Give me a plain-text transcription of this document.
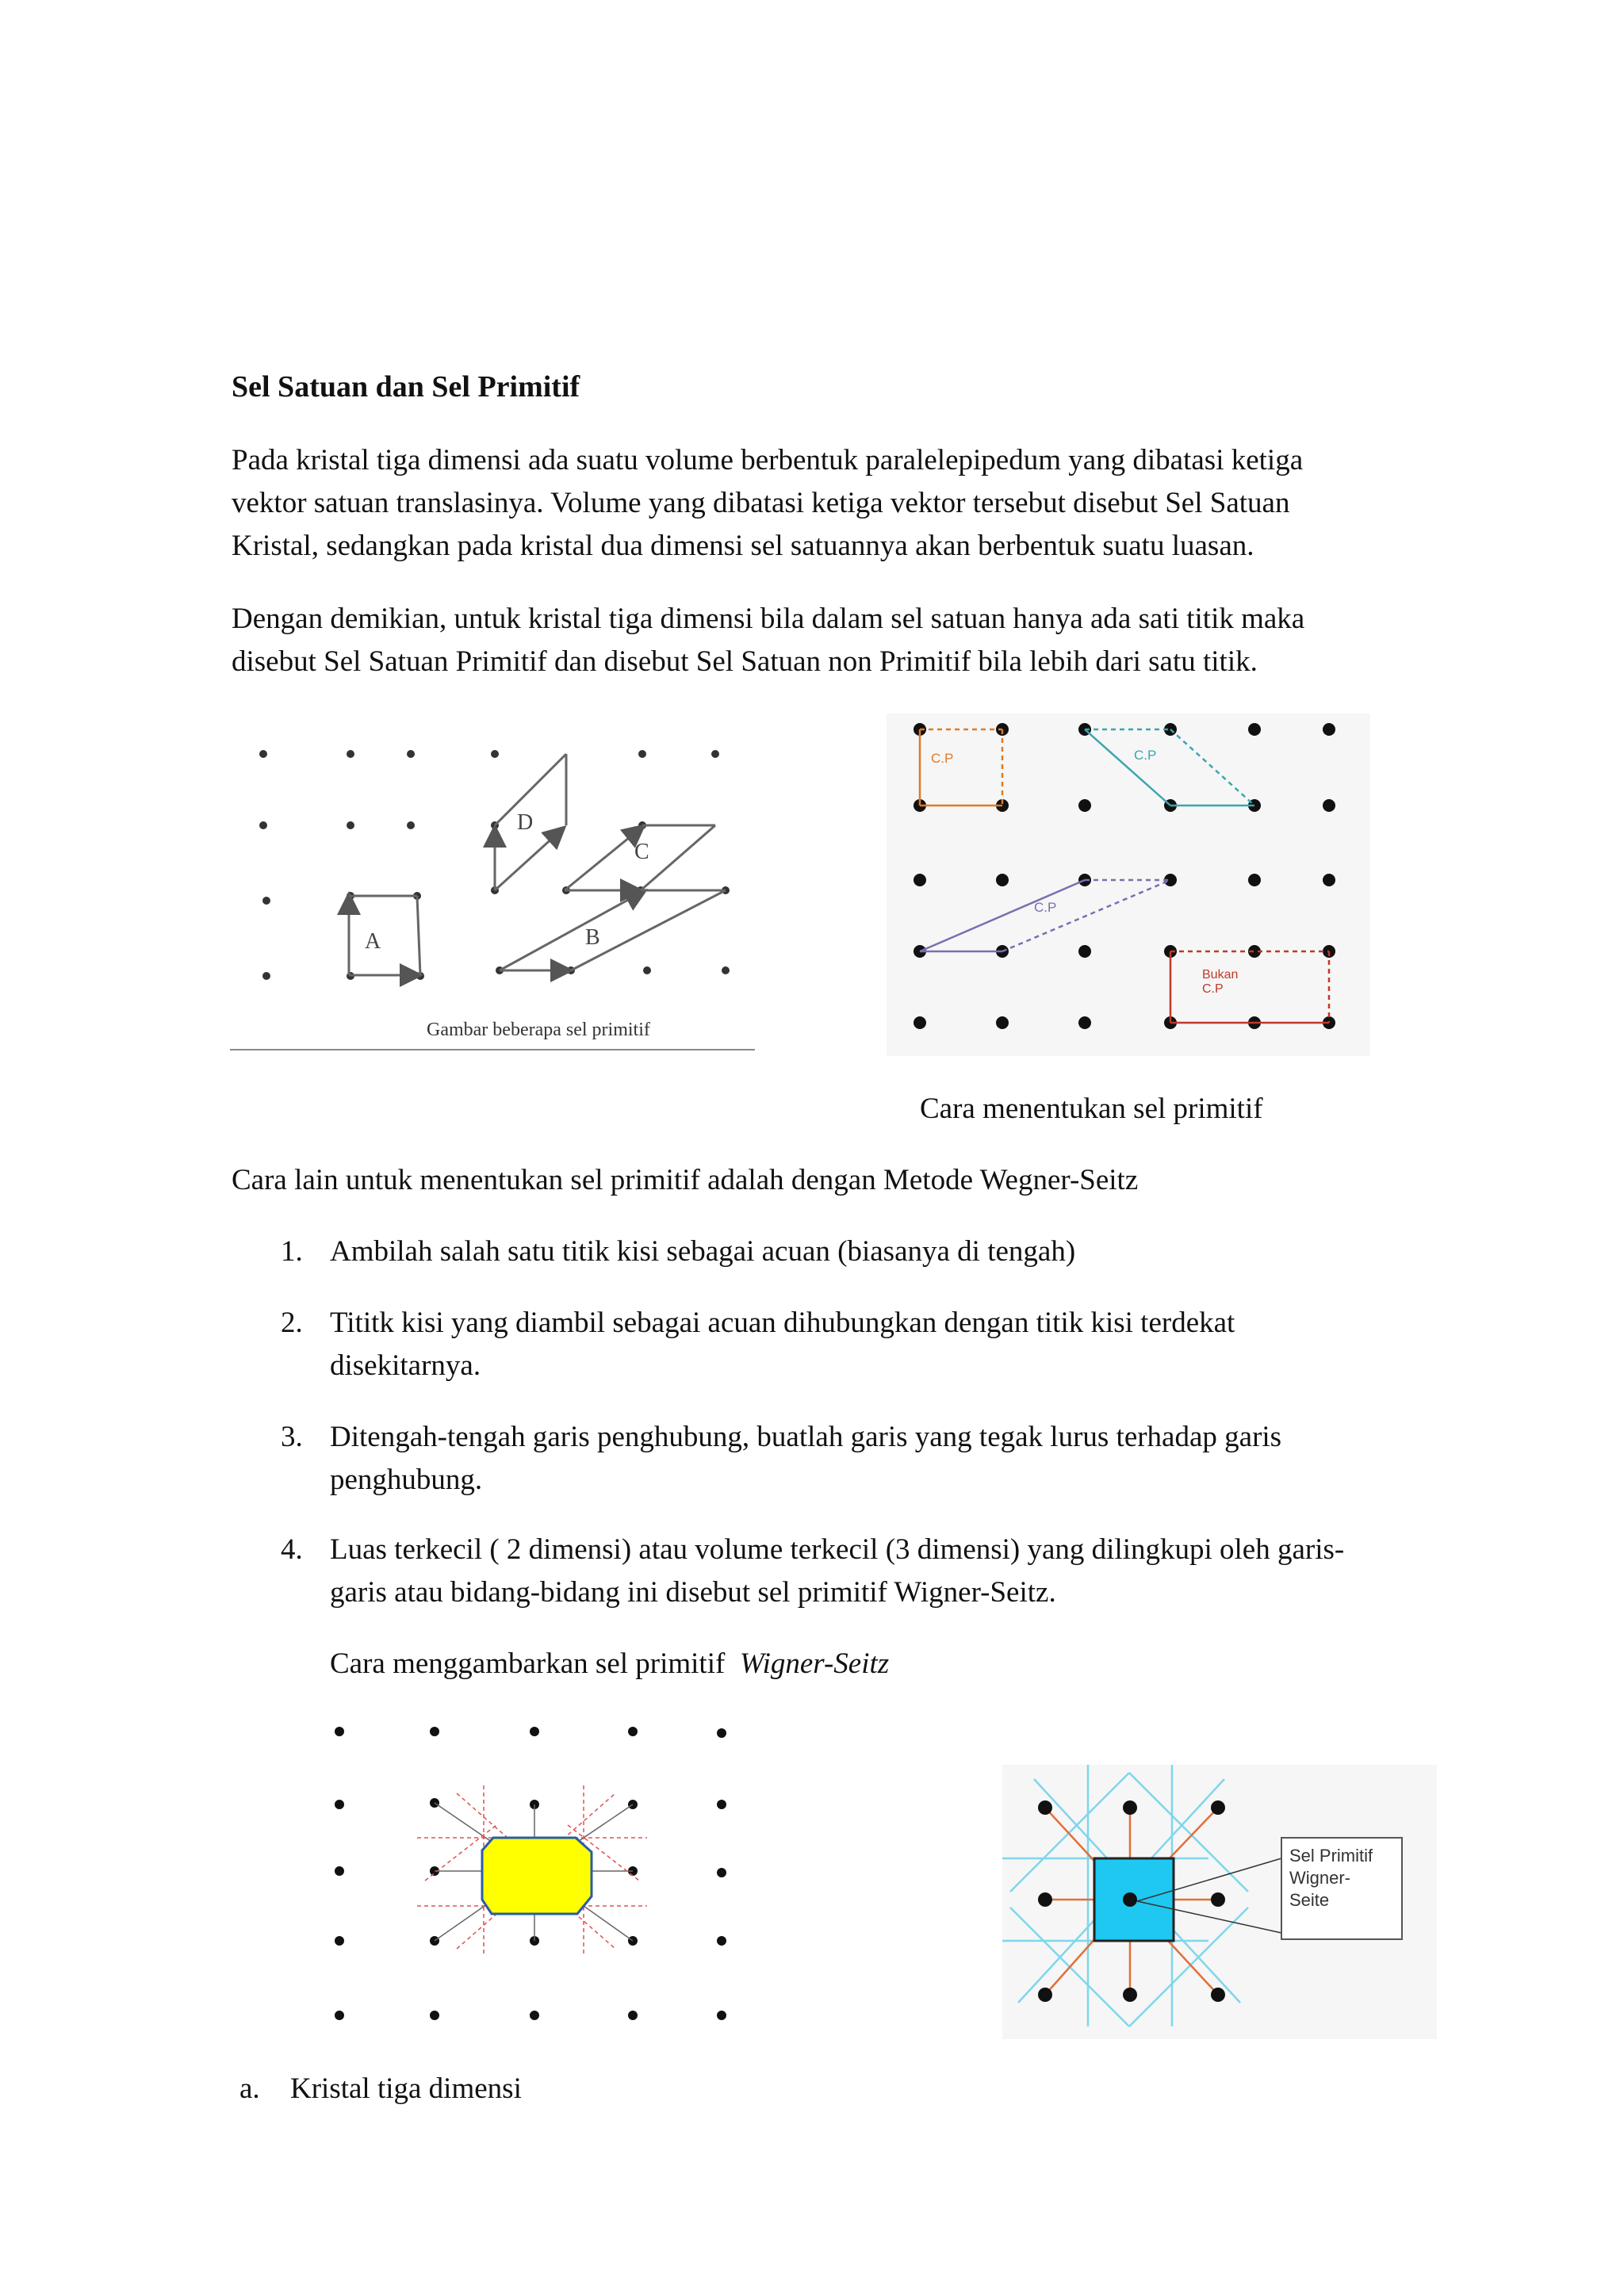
Sel Satuan dan Sel Primitif
Pada kristal tiga dimensi ada suatu volume berbentuk paralelepipedum yang dibatasi ketiga
vektor satuan translasinya. Volume yang dibatasi ketiga vektor tersebut disebut Sel Satuan
Kristal, sedangkan pada kristal dua dimensi sel satuannya akan berbentuk suatu luasan.
Dengan demikian, untuk kristal tiga dimensi bila dalam sel satuan hanya ada sati titik maka
disebut Sel Satuan Primitif dan disebut Sel Satuan non Primitif bila lebih dari satu titik.
A	B
C
D
Gambar beberapa sel primitif
C.P	C.P
C.P
Bukan
C.P
Cara menentukan sel primitif
Cara lain untuk menentukan sel primitif adalah dengan Metode Wegner-Seitz
1. Ambilah salah satu titik kisi sebagai acuan (biasanya di tengah)
2. Tititk kisi yang diambil sebagai acuan dihubungkan dengan titik kisi terdekat
disekitarnya.
3. Ditengah-tengah garis penghubung, buatlah garis yang tegak lurus terhadap garis
penghubung.
4. Luas terkecil ( 2 dimensi) atau volume terkecil (3 dimensi) yang dilingkupi oleh garis-
garis atau bidang-bidang ini disebut sel primitif Wigner-Seitz.
Cara menggambarkan sel primitif Wigner-Seitz
Sel Primitif
Wigner-
Seite
a. Kristal tiga dimensi
